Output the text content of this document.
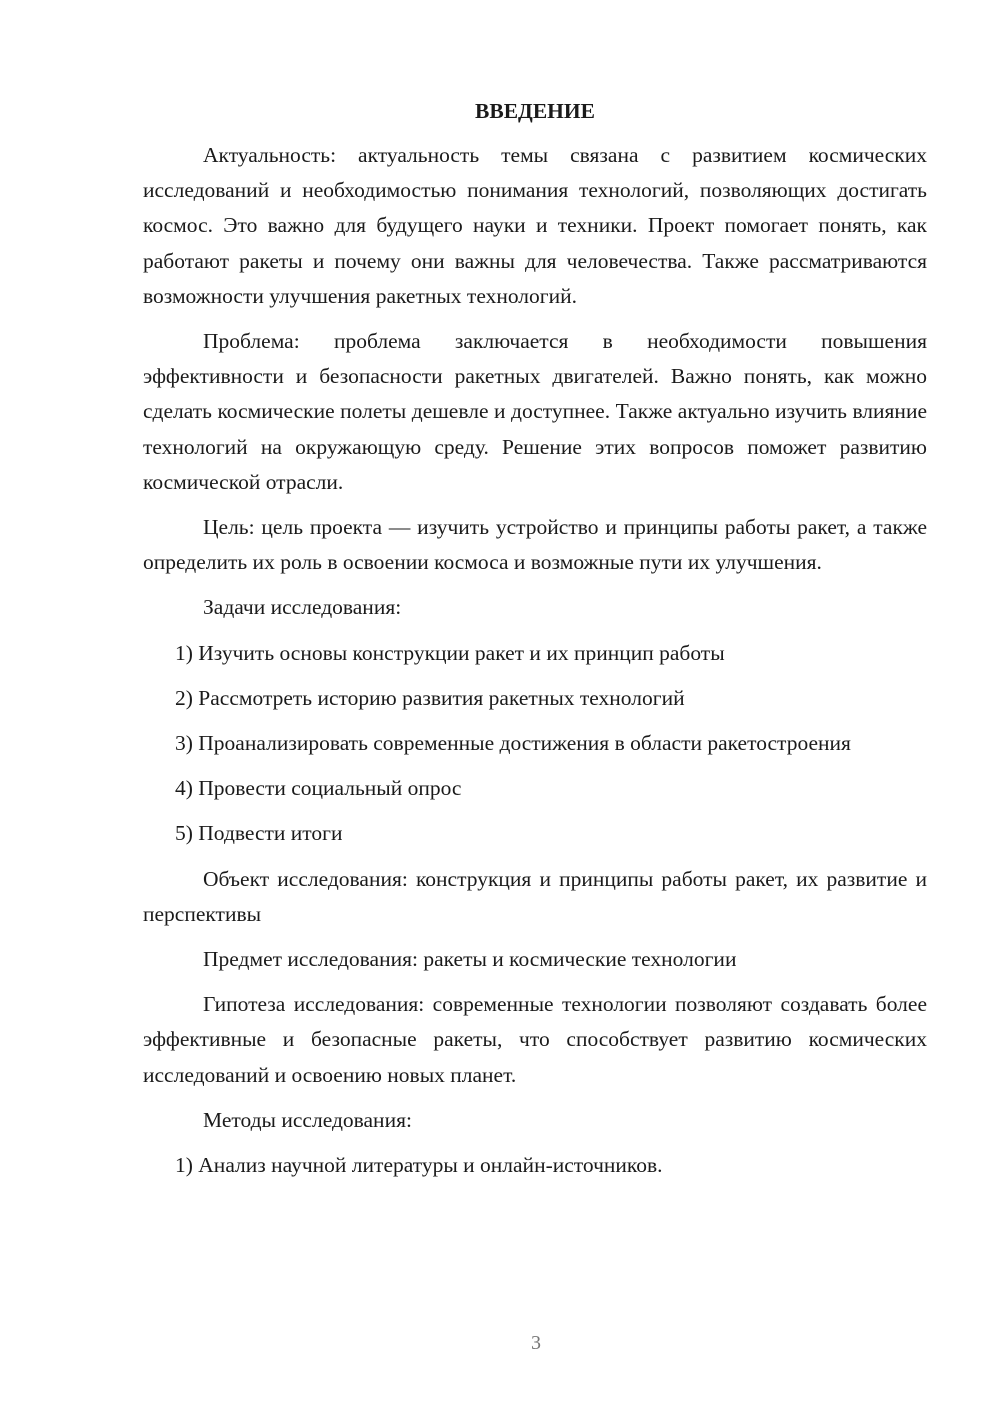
ВВЕДЕНИЕ

Актуальность: актуальность темы связана с развитием космических исследований и необходимостью понимания технологий, позволяющих достигать космос. Это важно для будущего науки и техники. Проект помогает понять, как работают ракеты и почему они важны для человечества. Также рассматриваются возможности улучшения ракетных технологий.

Проблема: проблема заключается в необходимости повышения эффективности и безопасности ракетных двигателей. Важно понять, как можно сделать космические полеты дешевле и доступнее. Также актуально изучить влияние технологий на окружающую среду. Решение этих вопросов поможет развитию космической отрасли.

Цель: цель проекта — изучить устройство и принципы работы ракет, а также определить их роль в освоении космоса и возможные пути их улучшения.

Задачи исследования:

1) Изучить основы конструкции ракет и их принцип работы

2) Рассмотреть историю развития ракетных технологий

3) Проанализировать современные достижения в области ракетостроения

4) Провести социальный опрос

5) Подвести итоги

Объект исследования: конструкция и принципы работы ракет, их развитие и перспективы

Предмет исследования: ракеты и космические технологии

Гипотеза исследования: современные технологии позволяют создавать более эффективные и безопасные ракеты, что способствует развитию космических исследований и освоению новых планет.

Методы исследования:

1) Анализ научной литературы и онлайн-источников.

3
